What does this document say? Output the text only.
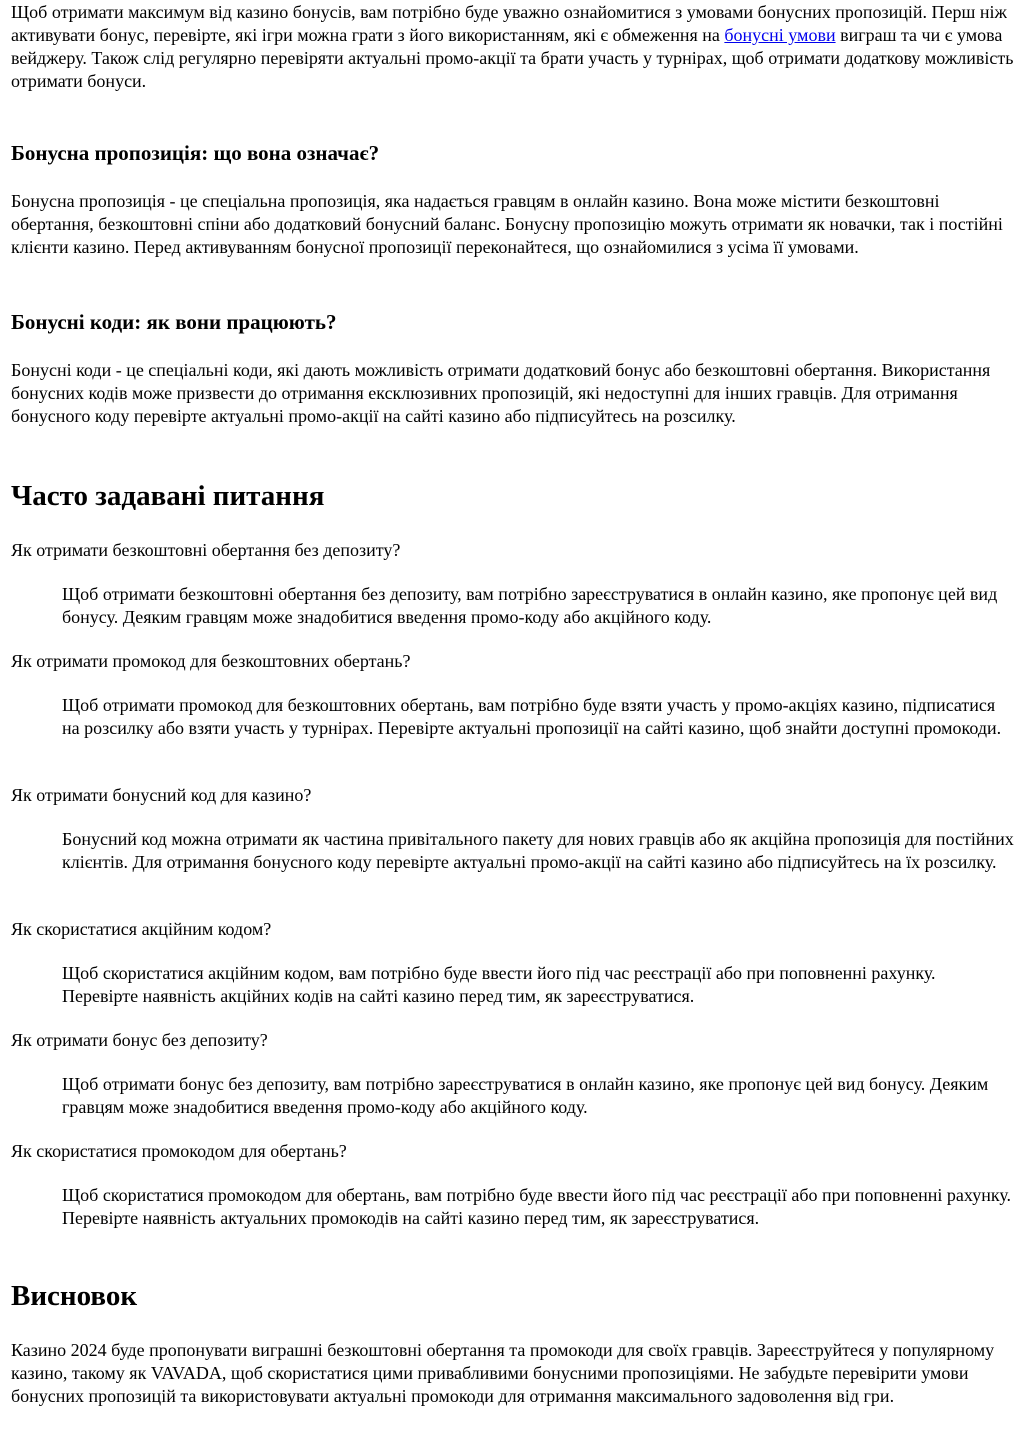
Щоб отримати максимум від казино бонусів, вам потрібно буде уважно ознайомитися з умовами бонусних пропозицій. Перш ніж активувати бонус, перевірте, які ігри можна грати з його використанням, які є обмеження на бонусні умови виграш та чи є умова вейджеру. Також слід регулярно перевіряти актуальні промо-акції та брати участь у турнірах, щоб отримати додаткову можливість отримати бонуси.

Бонусна пропозиція: що вона означає?

Бонусна пропозиція - це спеціальна пропозиція, яка надається гравцям в онлайн казино. Вона може містити безкоштовні обертання, безкоштовні спіни або додатковий бонусний баланс. Бонусну пропозицію можуть отримати як новачки, так і постійні клієнти казино. Перед активуванням бонусної пропозиції переконайтеся, що ознайомилися з усіма її умовами.

Бонусні коди: як вони працюють?

Бонусні коди - це спеціальні коди, які дають можливість отримати додатковий бонус або безкоштовні обертання. Використання бонусних кодів може призвести до отримання ексклюзивних пропозицій, які недоступні для інших гравців. Для отримання бонусного коду перевірте актуальні промо-акції на сайті казино або підписуйтесь на розсилку.

Часто задавані питання
Як отримати безкоштовні обертання без депозиту?
Щоб отримати безкоштовні обертання без депозиту, вам потрібно зареєструватися в онлайн казино, яке пропонує цей вид бонусу. Деяким гравцям може знадобитися введення промо-коду або акційного коду.
Як отримати промокод для безкоштовних обертань?
Щоб отримати промокод для безкоштовних обертань, вам потрібно буде взяти участь у промо-акціях казино, підписатися на розсилку або взяти участь у турнірах. Перевірте актуальні пропозиції на сайті казино, щоб знайти доступні промокоди.
Як отримати бонусний код для казино?
Бонусний код можна отримати як частина привітального пакету для нових гравців або як акційна пропозиція для постійних клієнтів. Для отримання бонусного коду перевірте актуальні промо-акції на сайті казино або підписуйтесь на їх розсилку.
Як скористатися акційним кодом?
Щоб скористатися акційним кодом, вам потрібно буде ввести його під час реєстрації або при поповненні рахунку. Перевірте наявність акційних кодів на сайті казино перед тим, як зареєструватися.
Як отримати бонус без депозиту?
Щоб отримати бонус без депозиту, вам потрібно зареєструватися в онлайн казино, яке пропонує цей вид бонусу. Деяким гравцям може знадобитися введення промо-коду або акційного коду.
Як скористатися промокодом для обертань?
Щоб скористатися промокодом для обертань, вам потрібно буде ввести його під час реєстрації або при поповненні рахунку. Перевірте наявність актуальних промокодів на сайті казино перед тим, як зареєструватися.
Висновок

Казино 2024 буде пропонувати виграшні безкоштовні обертання та промокоди для своїх гравців. Зареєструйтеся у популярному казино, такому як VAVADA, щоб скористатися цими привабливими бонусними пропозиціями. Не забудьте перевірити умови бонусних пропозицій та використовувати актуальні промокоди для отримання максимального задоволення від гри.
